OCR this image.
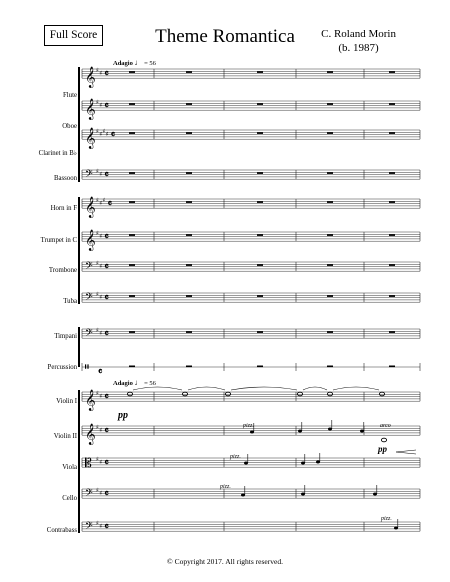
Full Score	Theme Romantica	C. Roland Morin
(b. 1987)
Adagio ♩ = 56
Adagio ♩ = 56
Flute
Oboe
Clarinet in B♭
Bassoon
Horn in F
Trumpet in C
Trombone
Tuba
Timpani
Percussion
Violin I
Violin II
Viola
Cello
Contrabass
𝄞 ♯ ♯ 𝄴
𝄞 ♯ ♯ 𝄴
𝄞 ♯ ♯ ♯ ♯ 𝄴
𝄢 ♯ ♯ 𝄴
𝄞 ♯ ♯ ♯ 𝄴
𝄞 ♯ ♯ 𝄴
𝄢 ♯ ♯ 𝄴
𝄢 ♯ ♯ 𝄴
𝄢 ♯ ♯ 𝄴
𝄥 𝄴
𝄞 ♯ ♯ 𝄴
𝄞 ♯ ♯ 𝄴
𝄡 ♯ ♯ 𝄴
𝄢 ♯ ♯ 𝄴
𝄢 ♯ ♯ 𝄴
pp
pp
pizz.
pizz.
pizz.
pizz.
arco
© Copyright 2017. All rights reserved.
